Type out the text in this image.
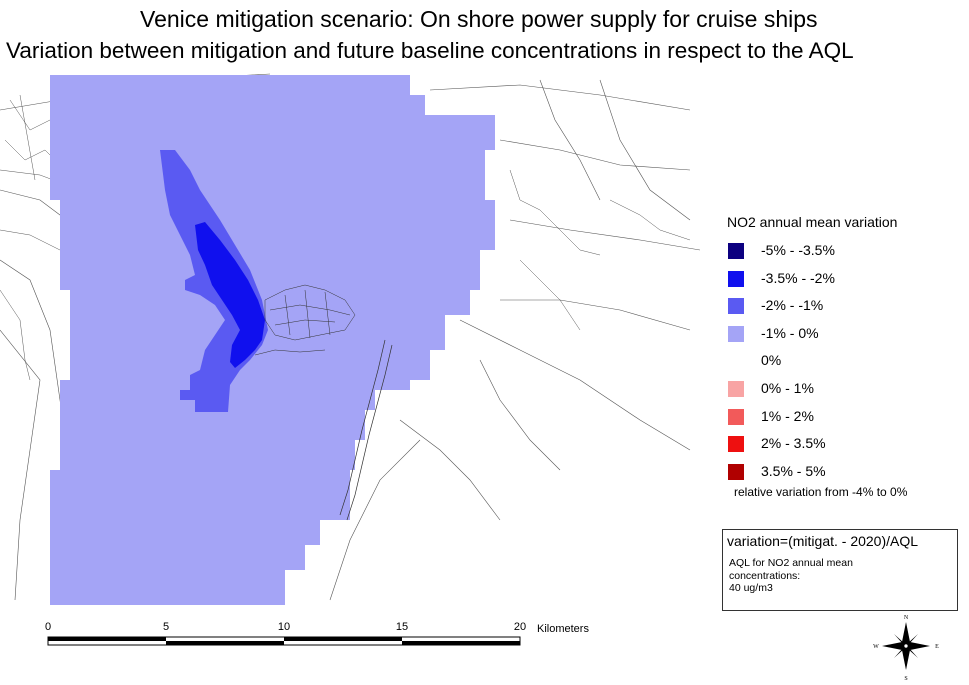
Venice mitigation scenario: On shore power supply for cruise ships
Variation between mitigation and future baseline concentrations in respect to the AQL
NO2 annual mean variation
-5% - -3.5%
-3.5% - -2%
-2% - -1%
-1% - 0%
0%
0% - 1%
1% - 2%
2% - 3.5%
3.5% - 5%
relative variation from -4% to 0%
variation=(mitigat. - 2020)/AQL
AQL for NO2 annual mean
concentrations:
40 ug/m3
0	5	10	15	20 Kilometers
N
S
E
W
